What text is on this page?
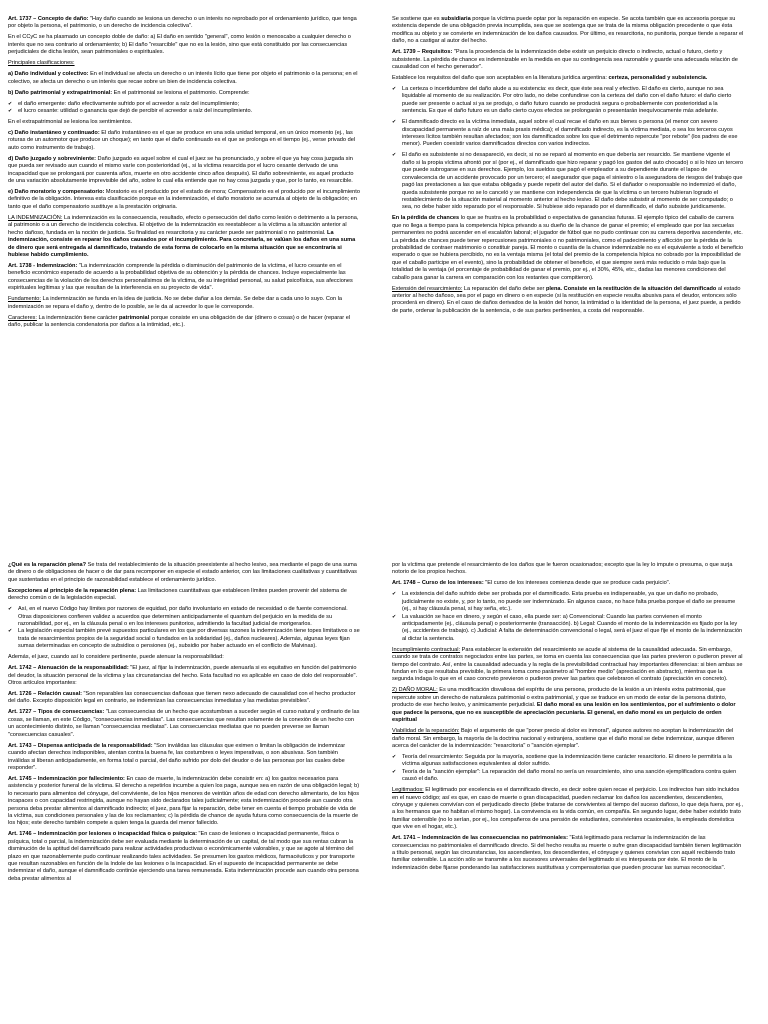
Art. 1737 – Concepto de daño: "Hay daño cuando se lesiona un derecho o un interés no reprobado por el ordenamiento jurídico, que tenga por objeto la persona, el patrimonio, o un derecho de incidencia colectiva".

En el CCyC se ha plasmado un concepto doble de daño: a) El daño en sentido "general", como lesión o menoscabo a cualquier derecho o interés que no sea contrario al ordenamiento; b) El daño "resarcible" que no es la lesión, sino que está constituido por las consecuencias perjudiciales de dicha lesión, sean patrimoniales o espirituales.

Principales clasificaciones:

a) Daño individual y colectivo: En el individual se afecta un derecho o un interés lícito que tiene por objeto el patrimonio o la persona; en el colectivo, se afecta un derecho o un interés que recae sobre un bien de incidencia colectiva.

b) Daño patrimonial y extrapatrimonial: En el patrimonial se lesiona el patrimonio. Comprende:

✔ el daño emergente: daño efectivamente sufrido por el acreedor a raíz del incumplimiento;
✔ el lucro cesante: utilidad o ganancia que dejó de percibir el acreedor a raíz del incumplimiento.

En el extrapatrimonial se lesiona los sentimientos.

c) Daño instantáneo y continuado: El daño instantáneo es el que se produce en una sola unidad temporal, en un único momento (ej., las roturas de un automotor que produce un choque); en tanto que el daño continuado es el que se prolonga en el tiempo (ej., verse privado del auto como instrumento de trabajo).

d) Daño juzgado y sobreviniente: Daño juzgado es aquel sobre el cual el juez se ha pronunciado, y sobre el que ya hay cosa juzgada sin que pueda ser revisado aun cuando el mismo varíe con posterioridad (ej., si la víctima resarcida por el lucro cesante derivado de una incapacidad que se prolongará por cuarenta años, muerte en otro accidente cinco años después). El daño sobreviniente, es aquel producto de una variación absolutamente imprevisible del año, sobre lo cual ella entiende que no hay cosa juzgada y que, por lo tanto, es resarcible.

e) Daño moratorio y compensatorio: Moratorio es el producido por el estado de mora; Compensatorio es el producido por el incumplimiento definitivo de la obligación. Interesa esta clasificación porque en la indemnización, el daño moratorio se acumula al objeto de la obligación; en tanto que el daño compensatorio sustituye a la prestación originaria.

LA INDEMNIZACIÓN: La indemnización es la consecuencia, resultado, efecto o persecución del daño como lesión o detrimento a la persona, al patrimonio o a un derecho de incidencia colectiva. El objetivo de la indemnización es reestablecer a la víctima a la situación anterior al hecho dañoso, fundada en la noción de justicia. Su finalidad es resarcitoria y su carácter puede ser patrimonial o no patrimonial. La indemnización, consiste en reparar los daños causados por el incumplimiento. Para concretarla, se valúan los daños en una suma de dinero que será entregada al damnificado, tratando de esta forma de colocarlo en la misma situación que se encontraría si hubiese habido cumplimiento.

Art. 1738 - Indemnización: "La indemnización comprende la pérdida o disminución del patrimonio de la víctima, el lucro cesante en el beneficio económico esperado de acuerdo a la probabilidad objetiva de su obtención y la pérdida de chances. Incluye especialmente las consecuencias de la violación de los derechos personalísimos de la víctima, de su integridad personal, su salud psicofísica, sus afecciones espirituales legítimas y las que resultan de la interferencia en su proyecto de vida".

Fundamento: La indemnización se funda en la idea de justicia. No se debe dañar a los demás. Se debe dar a cada uno lo suyo. Con la indemnización se repara el daño y, dentro de lo posible, se le da al acreedor lo que le corresponde.

Caracteres: La indemnización tiene carácter patrimonial porque consiste en una obligación de dar (dinero o cosas) o de hacer (reparar el daño, publicar la sentencia condenatoria por daños a la intimidad, etc.).

Se sostiene que es subsidiaria porque la víctima puede optar por la reparación en especie. Se acota también que es accesoria porque su existencia depende de una obligación previa incumplida, sea que se sostenga que se trata de la misma obligación precedente o que ésta modifica su objeto y se convierte en indemnización de los daños causados. Por último, es resarcitoria, no punitoria, porque tiende a reparar el daño, no a castigar al autor del hecho.

Art. 1739 – Requisitos: "Para la procedencia de la indemnización debe existir un perjuicio directo o indirecto, actual o futuro, cierto y subsistente. La pérdida de chance es indemnizable en la medida en que su contingencia sea razonable y guarde una adecuada relación de causalidad con el hecho generador".

Establece los requisitos del daño que son aceptables en la literatura jurídica argentina: certeza, personalidad y subsistencia.

✔ La certeza o incertidumbre del daño alude a su existencia: es decir, que éste sea real y efectivo. El daño es cierto, aunque no sea liquidable al momento de su realización. Por otro lado, no debe confundirse con la certeza del daño con el daño futuro: el daño cierto puede ser presente o actual si ya se produjo, o daño futuro cuando se producirá segura o probablemente con posterioridad a la sentencia. Es que el daño futuro es un daño cierto cuyos efectos se prolongarán o presentarán inequívocamente más adelante.
✔ El damnificado directo es la víctima inmediata, aquel sobre el cual recae el daño en sus bienes o persona (el menor con severo discapacidad permanente a raíz de una mala praxis médica); el damnificado indirecto, es la víctima mediata, o sea los terceros cuyos intereses lícitos también resultan afectados; son los damnificados sobre los que el detrimento repercute "por rebote" (los padres de ese menor). Pueden coexistir varios damnificados directos con varios indirectos.
✔ El daño es subsistente si no desapareció, es decir, si no se reparó al momento en que debería ser resarcido. Se mantiene vigente el daño si la propia víctima afrontó por sí (por ej., el damnificado que hizo reparar y pagó los gastos del auto chocado) o si lo hizo un tercero que puede subrogarse en sus derechos. Ejemplo, los sueldos que pagó el empleador a su dependiente durante el lapso de convalecencia de un accidente provocado por un tercero; el asegurador que paga el siniestro o la aseguradora de riesgos del trabajo que pagó las prestaciones a las que estaba obligada y puede repetir del autor del daño. Si el dañador o responsable no indemnizó el daño, queda subsistente porque no se lo canceló y se mantiene con independencia de que la víctima o un tercero hubieran logrado el restablecimiento de la situación material al momento anterior al hecho lesivo. El daño debe subsistir al momento de ser computado; o sea, no debe haber sido reparado por el responsable. Si hubiese sido reparado por el damnificado, el daño subsiste juridicamente.

En la pérdida de chances lo que se frustra es la probabilidad o expectativa de ganancias futuras. El ejemplo típico del caballo de carrera que no llega a tiempo para la competencia hípica privando a su dueño de la chance de ganar el premio; el empleado que por las secuelas permanentes no podrá ascender en el escalafón laboral; el jugador de fútbol que no pudo continuar con su carrera deportiva ascendente, etc. La pérdida de chances puede tener repercusiones patrimoniales o no patrimoniales, como el padecimiento y aflicción por la pérdida de la probabilidad de contraer matrimonio o constituir pareja. El monto o cuantía de la chance indemnizable no es el equivalente a todo el beneficio esperado o que se hubiera percibido, no es la ventaja misma (el total del premio de la competencia hípica no cobrado por la imposibilidad de que el caballo participe en el evento), sino la probabilidad de obtener el beneficio, el que siempre será más reducido o más bajo que la totalidad de la ventaja (el porcentaje de probabilidad de ganar el premio, por ej., el 30%, 45%, etc., dadas las menores condiciones del caballo para ganar la carrera en comparación con los restantes que compitieron).

Extensión del resarcimiento: La reparación del daño debe ser plena. Consiste en la restitución de la situación del damnificado al estado anterior al hecho dañoso, sea por el pago en dinero o en especie (si la restitución en especie resulta abusiva para el deudor, entonces sólo procederá en dinero). En el caso de daños derivados de la lesión del honor, la intimidad o la identidad de la persona, el juez puede, a pedido de parte, ordenar la publicación de la sentencia, o de sus partes pertinentes, a costa del responsable.

¿Qué es la reparación plena? Se trata del restablecimiento de la situación preexistente al hecho lesivo, sea mediante el pago de una suma de dinero o de obligaciones de hacer o de dar para recomponer en especie el estado anterior, con las limitaciones cualitativas y cuantitativas que sustentadas en el principio de razonabilidad establece el ordenamiento jurídico.

Excepciones al principio de la reparación plena: Las limitaciones cuantitativas que establecen límites pueden provenir del sistema de derecho común o de la legislación especial.

✔ Así, en el nuevo Código hay límites por razones de equidad, por daño involuntario en estado de necesidad o de fuente convencional. Otras disposiciones confieren validez a acuerdos que determinen anticipadamente el quantum del perjuicio en la medida de su razonabilidad, por ej., en la cláusula penal o en los intereses punitorios, admitiendo la facultad judicial de morigerarlos.
✔ La legislación especial también prevé supuestos particulares en los que por diversas razones la indemnización tiene topes limitativos o se trata de resarcimientos propios de la seguridad social o fundados en la solidaridad (ej., daños nucleares). Además, algunas leyes fijan sumas determinadas en concepto de subsidios o pensiones (ej., subsidio por haber actuado en el conflicto de Malvinas).

Además, el juez, cuando así lo considere pertinente, puede atenuar la responsabilidad:

Art. 1742 – Atenuación de la responsabilidad: "El juez, al fijar la indemnización, puede atenuarla si es equitativo en función del patrimonio del deudor, la situación personal de la víctima y las circunstancias del hecho. Esta facultad no es aplicable en caso de dolo del responsable". Otros artículos importantes:

Art. 1726 – Relación causal: "Son reparables las consecuencias dañosas que tienen nexo adecuado de causalidad con el hecho productor del daño. Excepto disposición legal en contrario, se indemnizan las consecuencias inmediatas y las mediatas previsibles".

Art. 1727 – Tipos de consecuencias: "Las consecuencias de un hecho que acostumbran a suceder según el curso natural y ordinario de las cosas, se llaman, en este Código, "consecuencias inmediatas". Las consecuencias que resultan solamente de la conexión de un hecho con un acontecimiento distinto, se llaman "consecuencias mediatas". Las consecuencias mediatas que no pueden preverse se llaman "consecuencias casuales".

Art. 1743 – Dispensa anticipada de la responsabilidad: "Son inválidas las cláusulas que eximen o limitan la obligación de indemnizar cuando afectan derechos indisponibles, atentan contra la buena fe, las costumbres o leyes imperativas, o son abusivas. Son también inválidas si liberan anticipadamente, en forma total o parcial, del daño sufrido por dolo del deudor o de las personas por las cuales debe responder".

Art. 1745 – Indemnización por fallecimiento: En caso de muerte, la indemnización debe consistir en: a) los gastos necesarios para asistencia y posterior funeral de la víctima. El derecho a repetirlos incumbe a quien los paga, aunque sea en razón de una obligación legal; b) lo necesario para alimentos del cónyuge, del conviviente, de los hijos menores de veintiún años de edad con derecho alimentario, de los hijos incapaces o con capacidad restringida, aunque no hayan sido declarados tales judicialmente; esta indemnización procede aun cuando otra persona deba prestar alimentos al damnificado indirecto; el juez, para fijar la reparación, debe tener en cuenta el tiempo probable de vida de la víctima, sus condiciones personales y las de los reclamantes; c) la pérdida de chance de ayuda futura como consecuencia de la muerte de los hijos; este derecho también compete a quien tenga la guarda del menor fallecido.

Art. 1746 – Indemnización por lesiones o incapacidad física o psíquica: "En caso de lesiones o incapacidad permanente, física o psíquica, total o parcial, la indemnización debe ser evaluada mediante la determinación de un capital, de tal modo que sus rentas cubran la disminución de la aptitud del damnificado para realizar actividades productivas o económicamente valorables, y que se agote al término del plazo en que razonablemente pudo continuar realizando tales actividades. Se presumen los gastos médicos, farmacéuticos y por transporte que resultan razonables en función de la índole de las lesiones o la incapacidad. En el supuesto de incapacidad permanente se debe indemnizar el daño, aunque el damnificado continúe ejerciendo una tarea remunerada. Esta indemnización procede aun cuando otra persona deba prestar alimentos al

por la víctima que pretende el resarcimiento de los daños que le fueron ocasionados; excepto que la ley lo impute o presuma, o que surja notorio de los propios hechos.

Art. 1748 – Curso de los intereses: "El curso de los intereses comienza desde que se produce cada perjuicio".

✔ La existencia del daño sufrido debe ser probada por el damnificado. Esta prueba es indispensable, ya que un daño no probado, judicialmente no existe, y, por lo tanto, no puede ser indemnizado. En algunos casos, no hace falta prueba porque el daño se presume (ej., si hay cláusula penal, si hay seña, etc.).
✔ La valuación se hace en dinero, y según el caso, ella puede ser: a) Convencional: Cuando las partes convienen el monto anticipadamente (ej., cláusula penal) o posteriormente (transacción). b) Legal: Cuando el monto de la indemnización es fijado por la ley (ej., accidentes de trabajo). c) Judicial: A falta de determinación convencional o legal, será el juez el que fije el monto de la indemnización al dictar la sentencia.

Incumplimiento contractual: Para establecer la extensión del resarcimiento se acude al sistema de la causalidad adecuada. Sin embargo, cuando se trata de contratos negociados entre las partes, se toma en cuenta las consecuencias que las partes previeron o pudieron prever al tiempo del contrato. Así, entre la causalidad adecuada y la regla de la previsibilidad contractual hay importantes diferencias: si bien ambas se fundan en lo que resultaba previsible, la primera toma como parámetro al "hombre medio" (apreciación en abstracto), mientras que la segunda indaga lo que en el caso concreto previeron o pudieron prever las partes que celebraron el contrato (apreciación en concreto).

2) DAÑO MORAL: Es una modificación disvaliosa del espíritu de una persona, producto de la lesión a un interés extra patrimonial, que repercute sobre un derecho de naturaleza patrimonial o extra patrimonial, y que se traduce en un modo de estar de la persona distinto, producto de ese hecho lesivo, y animicamente perjudicial. El daño moral es una lesión en los sentimientos, por el sufrimiento o dolor que padece la persona, que no es susceptible de apreciación pecuniaria. El general, en daño moral es un perjuicio de orden espiritual

Viabilidad de la reparación: Bajo el argumento de que "poner precio al dolor es inmoral", algunos autores no aceptan la indemnización del daño moral. Sin embargo, la mayoría de la doctrina nacional y extranjera, sostiene que el daño moral se debe indemnizar, aunque difieren acerca del carácter de la indemnización: "resarcitoria" o "sanción ejemplar".

✔ Teoría del resarcimiento: Seguida por la mayoría, sostiene que la indemnización tiene carácter resarcitorio. El dinero le permitiría a la víctima algunas satisfacciones equivalentes al dolor sufrido.
✔ Teoría de la "sanción ejemplar": La reparación del daño moral no sería un resarcimiento, sino una sanción ejemplificadora contra quien causó el daño.

Legitimados: El legitimado por excelencia es el damnificado directo, es decir sobre quien recae el perjuicio. Los indirectos han sido incluidos en el nuevo código; así es que, en caso de muerte o gran discapacidad, pueden reclamar los daños los ascendientes, descendientes, cónyuge y quienes convivían con el perjudicado directo (debe tratarse de convivientes al tiempo del suceso dañoso, lo que deja fuera, por ej., a los hermanos que no habitan el mismo hogar). La convivencia es la vida común, en compañía. En segundo lugar, debe haber existido trato familiar ostensible (no lo serían, por ej., los compañeros de una pensión de estudiantes, convivientes ocasionales, la empleada doméstica que vive en el hogar, etc.).

Art. 1741 – Indemnización de las consecuencias no patrimoniales: "Está legitimado para reclamar la indemnización de las consecuencias no patrimoniales el damnificado directo. Si del hecho resulta su muerte o sufre gran discapacidad también tienen legitimación a título personal, según las circunstancias, los ascendientes, los descendientes, el cónyuge y quienes convivían con aquél recibiendo trato familiar ostensible. La acción sólo se transmite a los sucesores universales del legitimado si es interpuesta por éste. El monto de la indemnización debe fijarse ponderando las satisfacciones sustitutivas y compensatorias que pueden procurar las sumas reconocidas".
